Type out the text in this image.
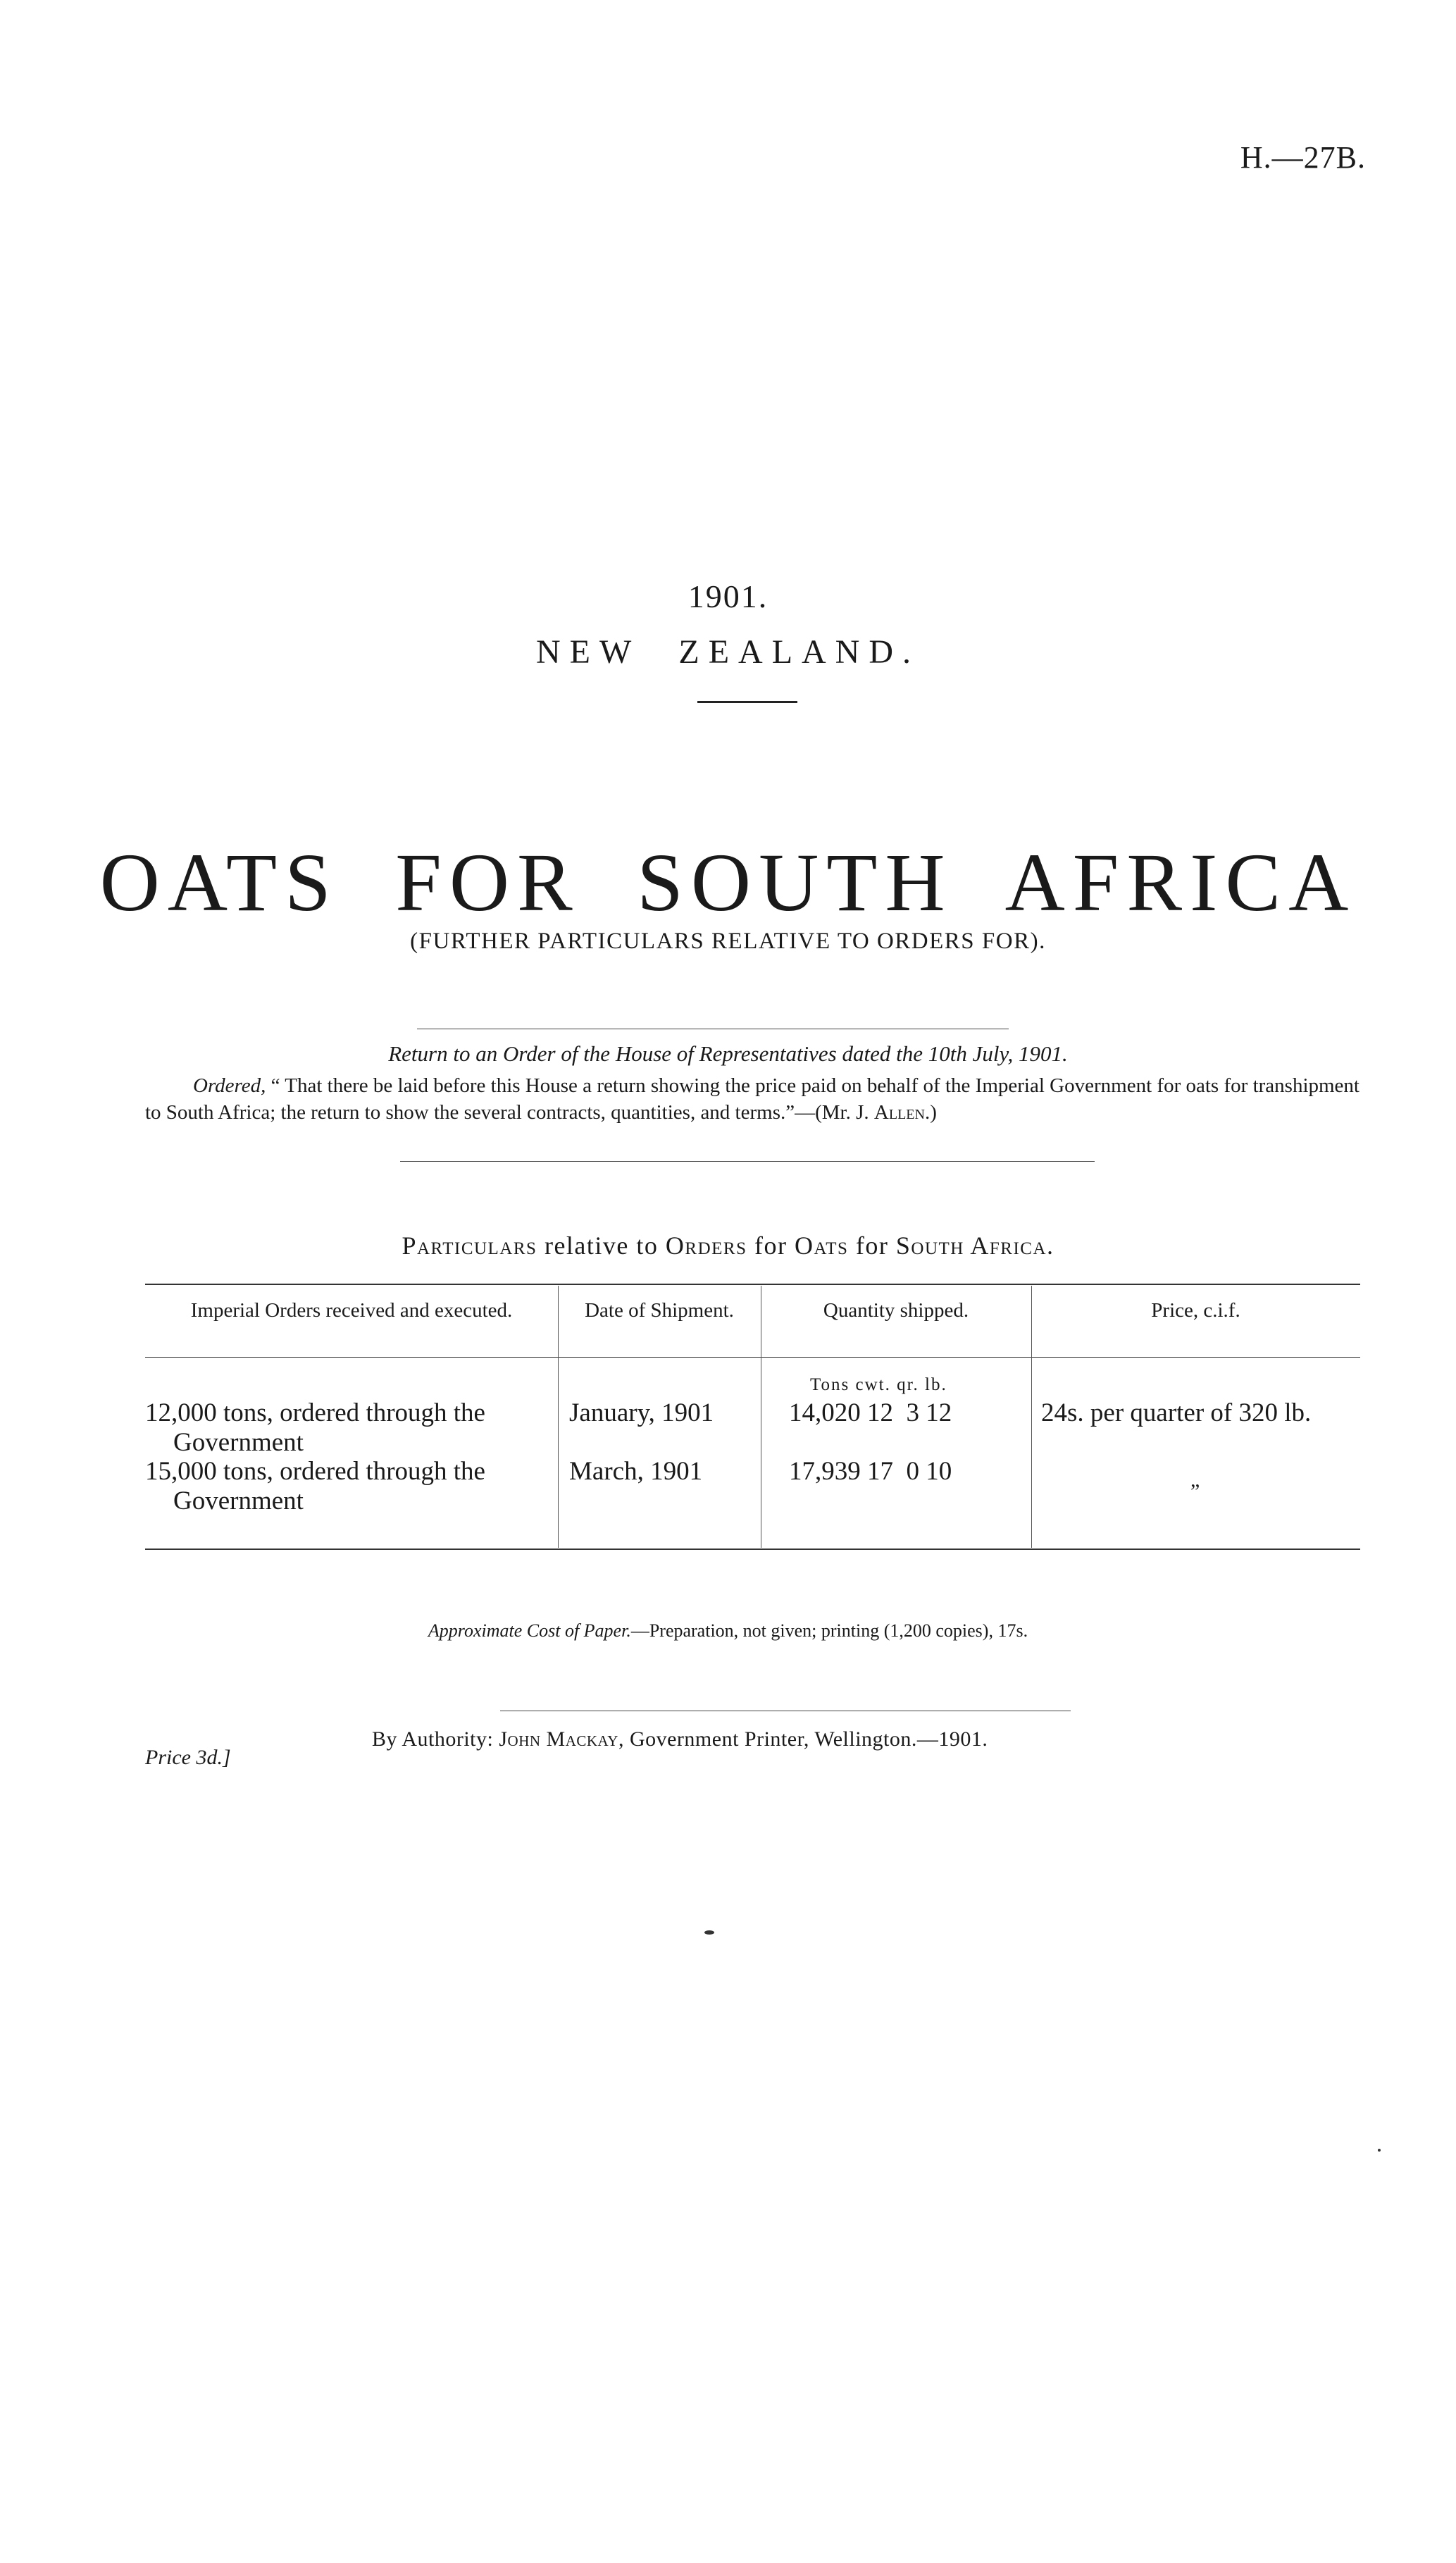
H.—27B.
1901.
NEW ZEALAND.
OATS FOR SOUTH AFRICA
(FURTHER PARTICULARS RELATIVE TO ORDERS FOR).
Return to an Order of the House of Representatives dated the 10th July, 1901.
Ordered, “ That there be laid before this House a return showing the price paid on behalf of the Imperial Government for oats for transhipment to South Africa; the return to show the several contracts, quantities, and terms.”—(Mr. J. Allen.)
Particulars relative to Orders for Oats for South Africa.
Imperial Orders received and executed.	Date of Shipment.	Quantity shipped.	Price, c.i.f.
Tons cwt. qr. lb.
12,000 tons, ordered through the
Government
January, 1901	14,020 12  3 12	24s. per quarter of 320 lb.
15,000 tons, ordered through the
Government
March, 1901	17,939 17  0 10	„
Approximate Cost of Paper.—Preparation, not given; printing (1,200 copies), 17s.
By Authority: John Mackay, Government Printer, Wellington.—1901.
Price 3d.]
